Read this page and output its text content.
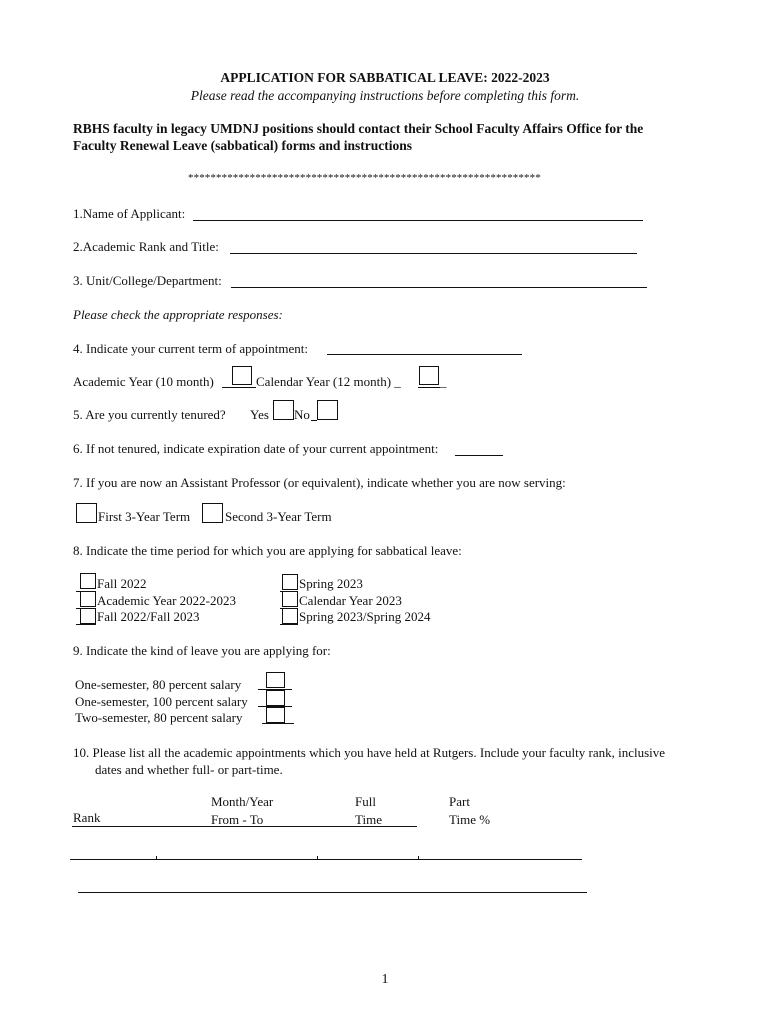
APPLICATION FOR SABBATICAL LEAVE: 2022-2023
Please read the accompanying instructions before completing this form.
RBHS faculty in legacy UMDNJ positions should contact their School Faculty Affairs Office for the
Faculty Renewal Leave (sabbatical) forms and instructions
***************************************************************
1.Name of Applicant:
2.Academic Rank and Title:
3. Unit/College/Department:
Please check the appropriate responses:
4. Indicate your current term of appointment:
Academic Year (10 month)	Calendar Year (12 month) _	_
5. Are you currently tenured? Yes No
6. If not tenured, indicate expiration date of your current appointment:
7. If you are now an Assistant Professor (or equivalent), indicate whether you are now serving:
First 3-Year Term	Second 3-Year Term
8. Indicate the time period for which you are applying for sabbatical leave:
Fall 2022
Academic Year 2022-2023
Fall 2022/Fall 2023
Spring 2023
Calendar Year 2023
Spring 2023/Spring 2024
9. Indicate the kind of leave you are applying for:
One-semester, 80 percent salary
One-semester, 100 percent salary
Two-semester, 80 percent salary
10. Please list all the academic appointments which you have held at Rutgers. Include your faculty rank, inclusive
dates and whether full- or part-time.
Month/Year	Full	Part
Rank	From - To	Time	Time %
1
